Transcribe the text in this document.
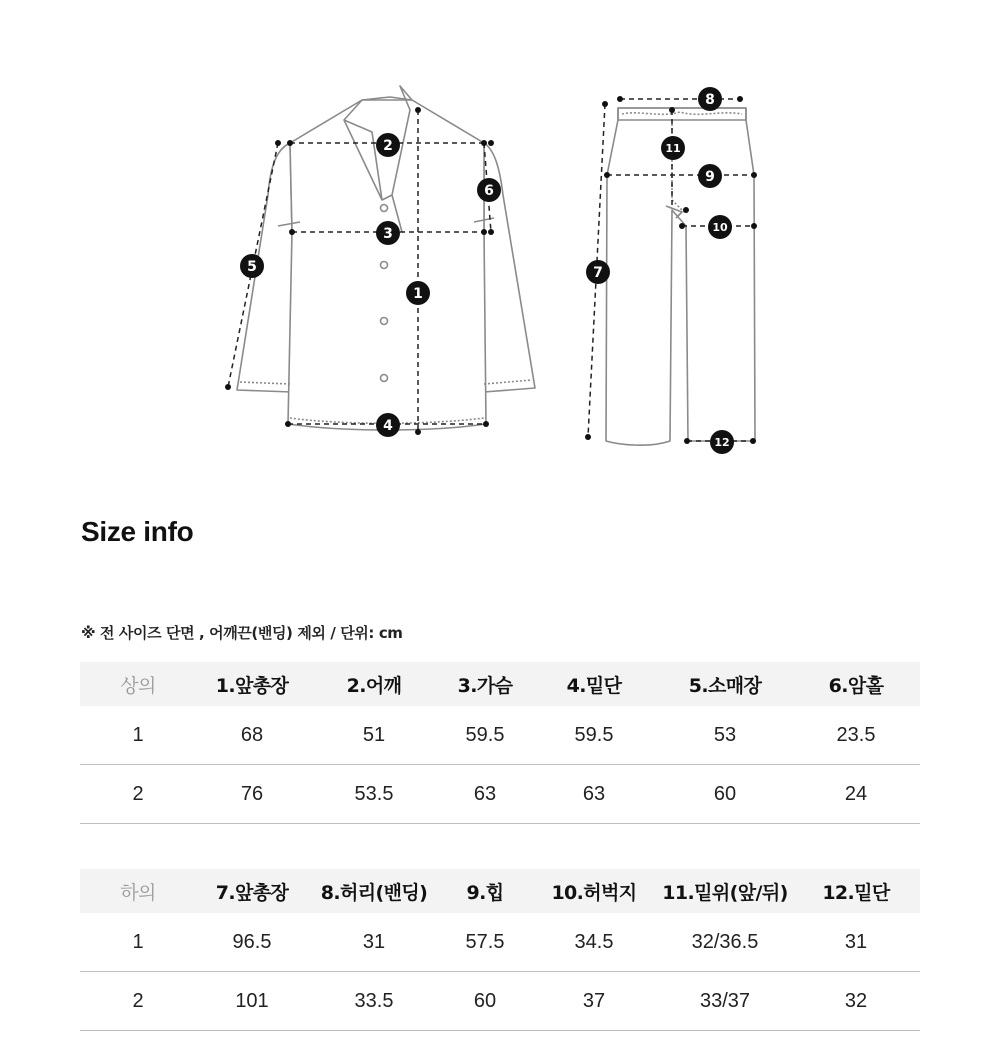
1
2
3
4
5
6
7
8
9
10
11
12
Size info
※ 전 사이즈 단면 , 어깨끈(밴딩) 제외 / 단위: cm
상의	1.앞총장	2.어깨	3.가슴	4.밑단	5.소매장	6.암홀
1	68	51	59.5	59.5	53	23.5
2	76	53.5	63	63	60	24
하의	7.앞총장	8.허리(밴딩)	9.힙	10.허벅지	11.밑위(앞/뒤)	12.밑단
1	96.5	31	57.5	34.5	32/36.5	31
2	101	33.5	60	37	33/37	32
